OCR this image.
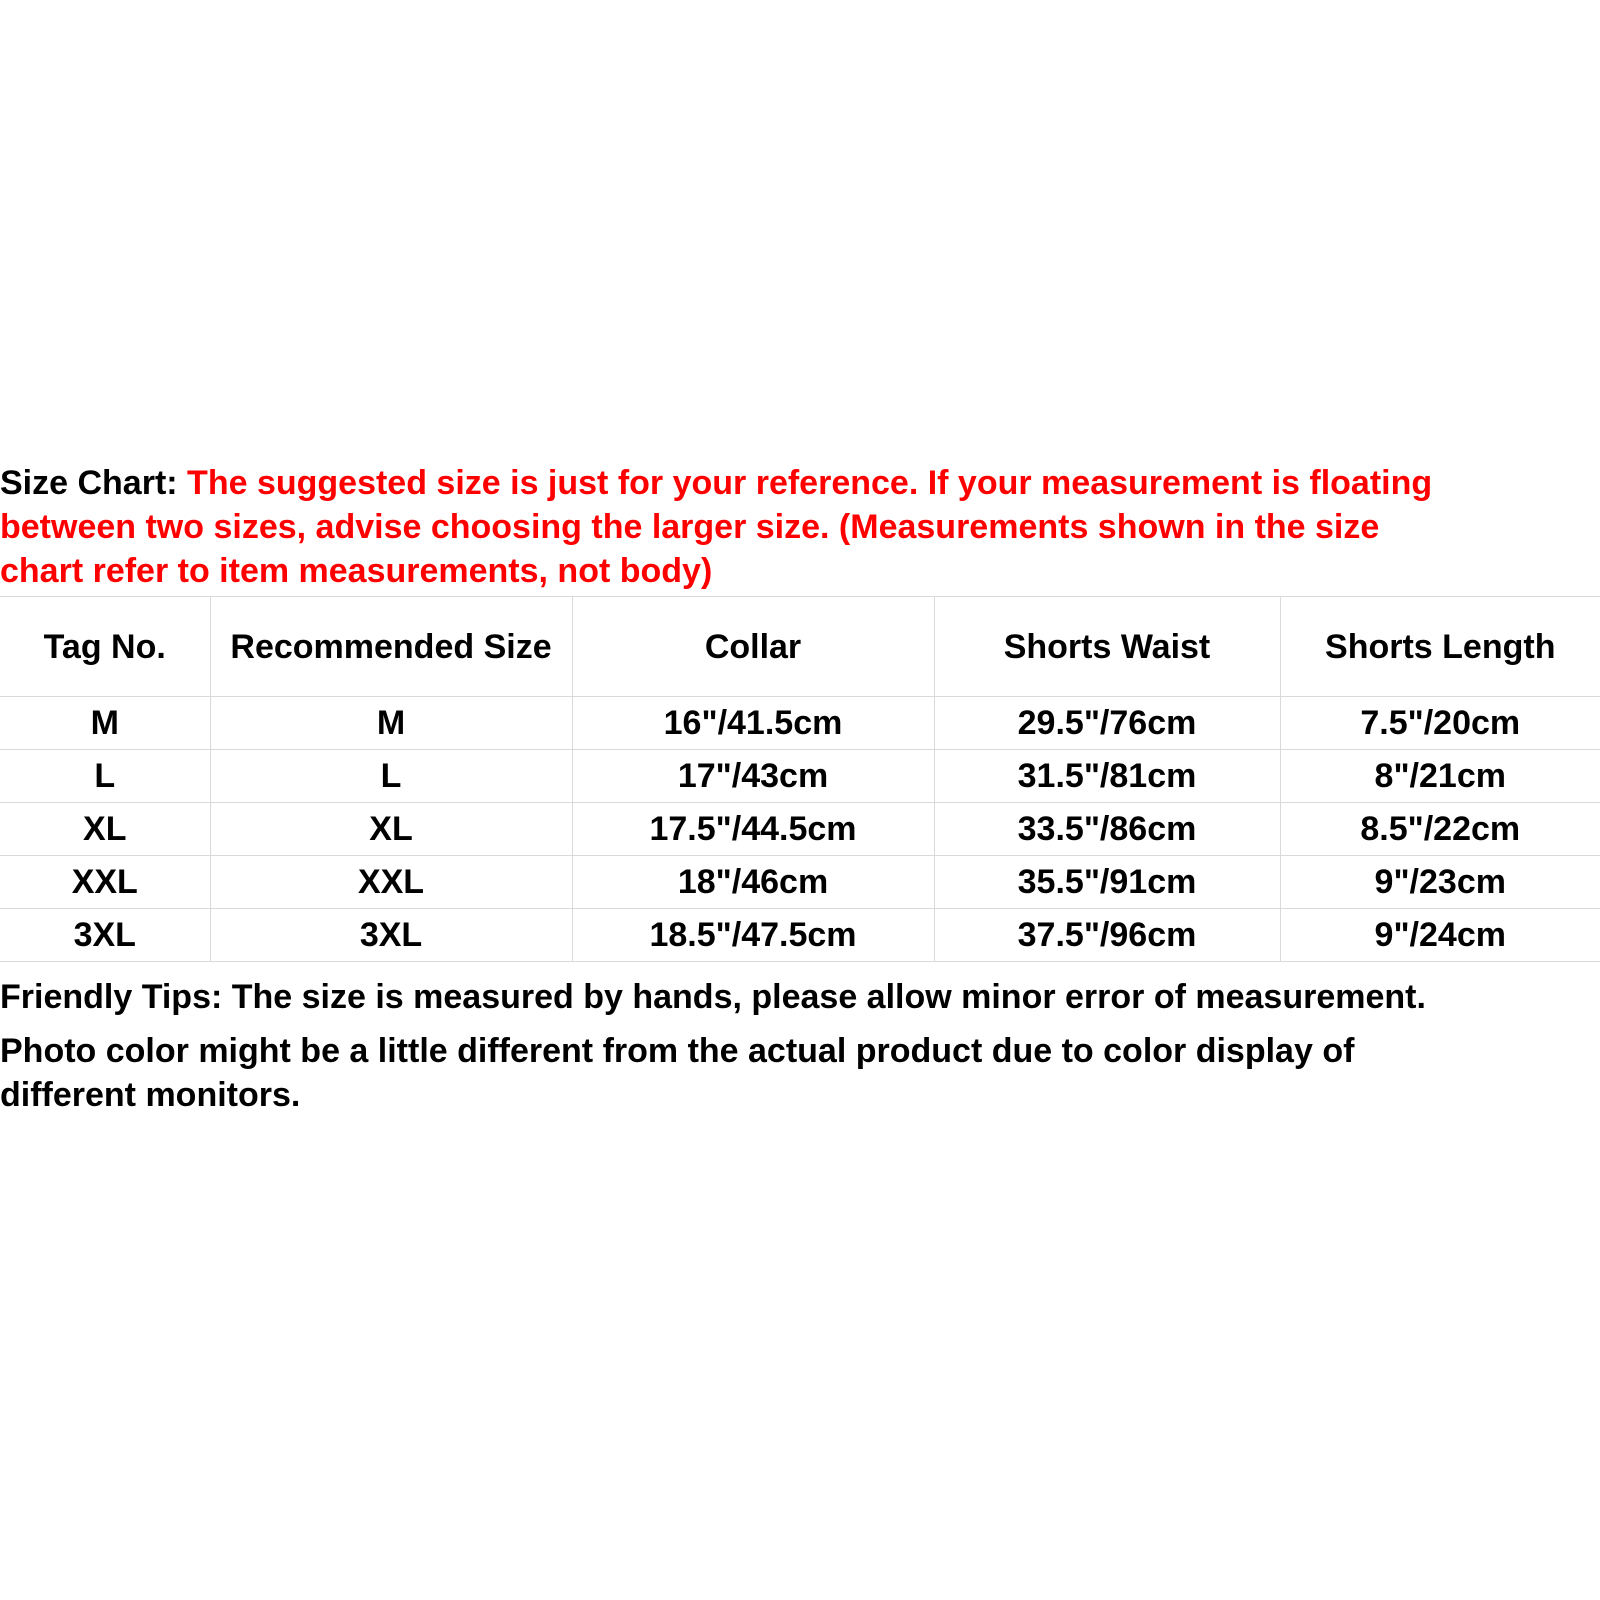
Size Chart: The suggested size is just for your reference. If your measurement is floating
between two sizes, advise choosing the larger size. (Measurements shown in the size
chart refer to item measurements, not body)
Tag No.	Recommended Size	Collar	Shorts Waist	Shorts Length
M	M	16"/41.5cm	29.5"/76cm	7.5"/20cm
L	L	17"/43cm	31.5"/81cm	8"/21cm
XL	XL	17.5"/44.5cm	33.5"/86cm	8.5"/22cm
XXL	XXL	18"/46cm	35.5"/91cm	9"/23cm
3XL	3XL	18.5"/47.5cm	37.5"/96cm	9"/24cm
Friendly Tips: The size is measured by hands, please allow minor error of measurement.
Photo color might be a little different from the actual product due to color display of
different monitors.
